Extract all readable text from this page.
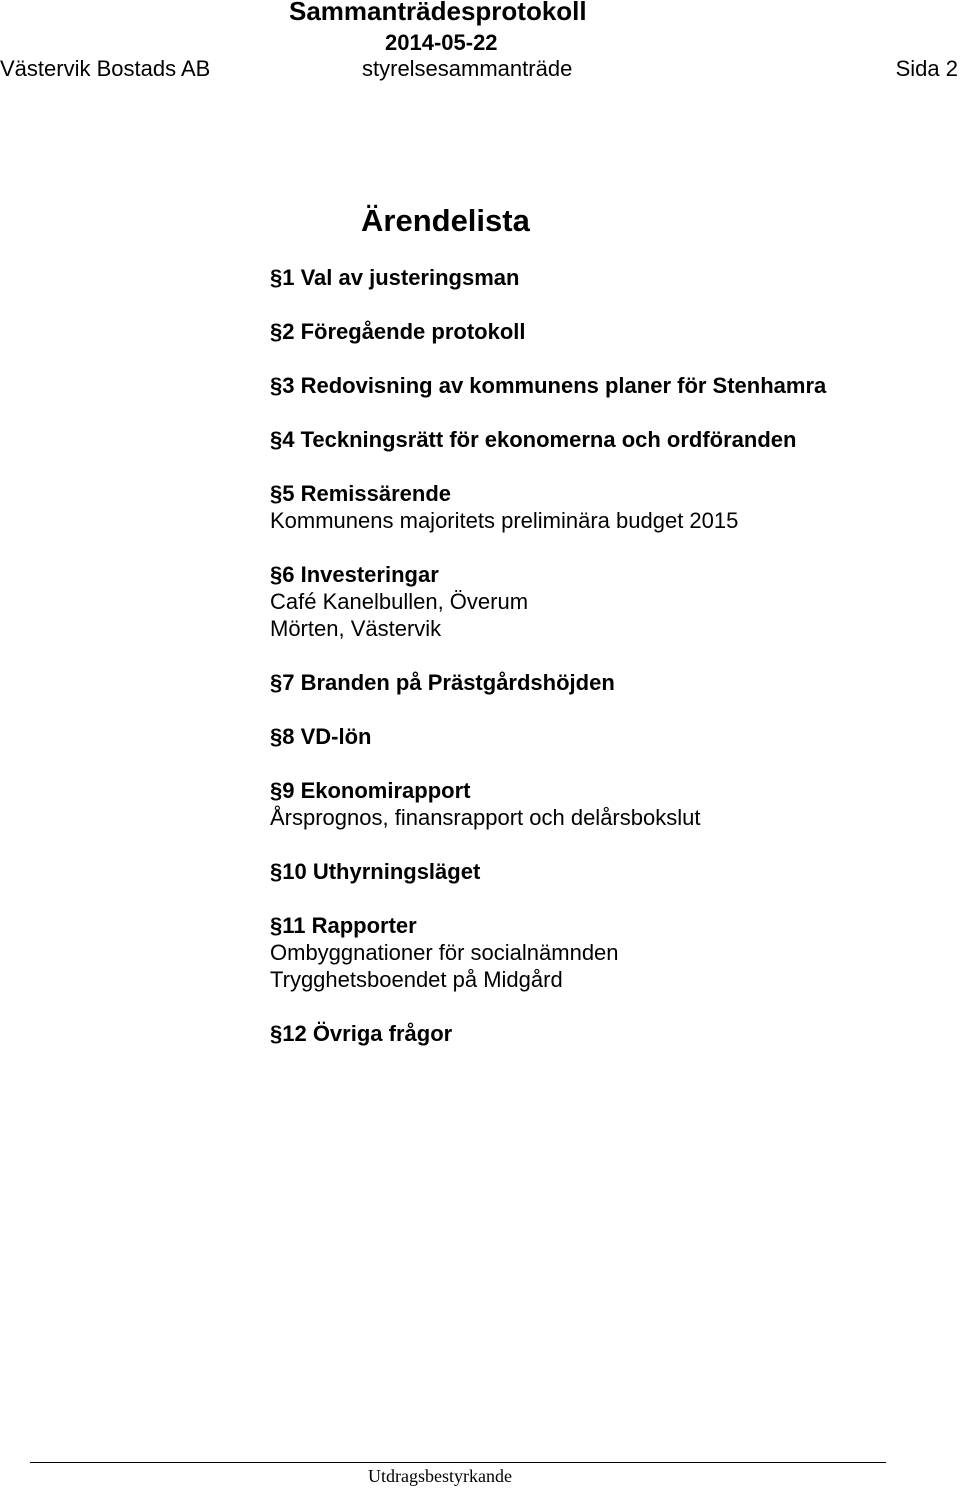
Sammanträdesprotokoll
2014-05-22
Västervik Bostads AB	styrelsesammanträde	Sida 2
Ärendelista
§1 Val av justeringsman
§2 Föregående protokoll
§3 Redovisning av kommunens planer för Stenhamra
§4 Teckningsrätt för ekonomerna och ordföranden
§5 Remissärende
Kommunens majoritets preliminära budget 2015
§6 Investeringar
Café Kanelbullen, Överum
Mörten, Västervik
§7 Branden på Prästgårdshöjden
§8 VD-lön
§9 Ekonomirapport
Årsprognos, finansrapport och delårsbokslut
§10 Uthyrningsläget
§11 Rapporter
Ombyggnationer för socialnämnden
Trygghetsboendet på Midgård
§12 Övriga frågor
Utdragsbestyrkande
